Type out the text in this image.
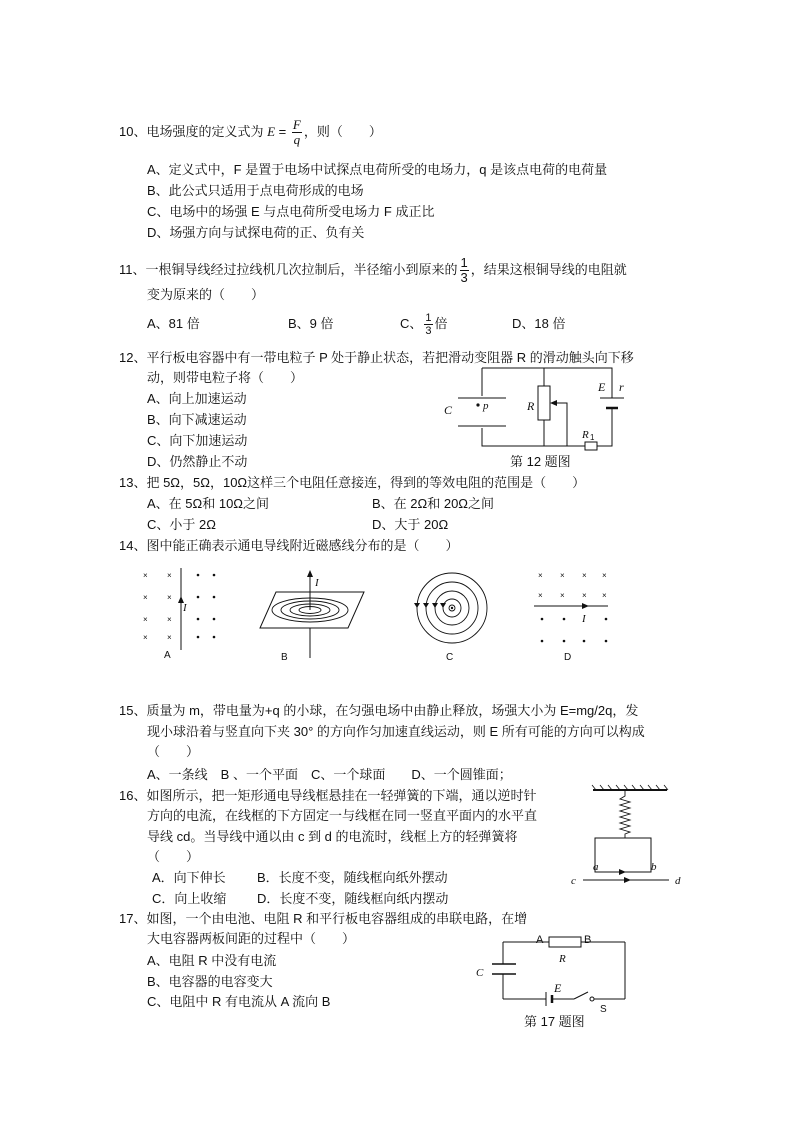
10、电场强度的定义式为 $E = \frac{F}{q}$ ，则（　　）
A、定义式中，F 是置于电场中试探点电荷所受的电场力，q 是该点电荷的电荷量
B、此公式只适用于点电荷形成的电场
C、电场中的场强 E 与点电荷所受电场力 F 成正比
D、场强方向与试探电荷的正、负有关
11、一根铜导线经过拉线机几次拉制后，半径缩小到原来的 $\frac{1}{3}$ ，结果这根铜导线的电阻就
变为原来的（　　）
A、81 倍	B、9 倍	C、 $\frac{1}{3}$ 倍	D、18 倍
12、平行板电容器中有一带电粒子 P 处于静止状态，若把滑动变阻器 R 的滑动触头向下移
动，则带电粒子将（　　）
A、向上加速运动
B、向下减速运动
C、向下加速运动
D、仍然静止不动
C	p	R
E r
R 1
第 12 题图
13、把 5Ω，5Ω，10Ω这样三个电阻任意接连，得到的等效电阻的范围是（　　）
A、在 5Ω和 10Ω之间	B、在 2Ω和 20Ω之间
C、小于 2Ω	D、大于 20Ω
14、图中能正确表示通电导线附近磁感线分布的是（　　）
× ×
× ×
× ×
× ×
I
A
I
B	C
× × × ×
× × × ×
I
D
15、质量为 m，带电量为+q 的小球，在匀强电场中由静止释放，场强大小为 E=mg/2q，发
现小球沿着与竖直向下夹 30° 的方向作匀加速直线运动，则 E 所有可能的方向可以构成
（　　）
A、一条线　B 、一个平面　C、一个球面　　D、一个圆锥面；
16、如图所示，把一矩形通电导线框悬挂在一轻弹簧的下端，通以逆时针
方向的电流，在线框的下方固定一与线框在同一竖直平面内的水平直
导线 cd。当导线中通以由 c 到 d 的电流时，线框上方的轻弹簧将
（　　）
A．向下伸长 B．长度不变，随线框向纸外摆动
C．向上收缩 D．长度不变，随线框向纸内摆动
a	b
c	d
17、如图，一个由电池、电阻 R 和平行板电容器组成的串联电路，在增
大电容器两板间距的过程中（　　）
A、电阻 R 中没有电流
B、电容器的电容变大
C、电阻中 R 有电流从 A 流向 B
A	B
R
C
E
S
第 17 题图
